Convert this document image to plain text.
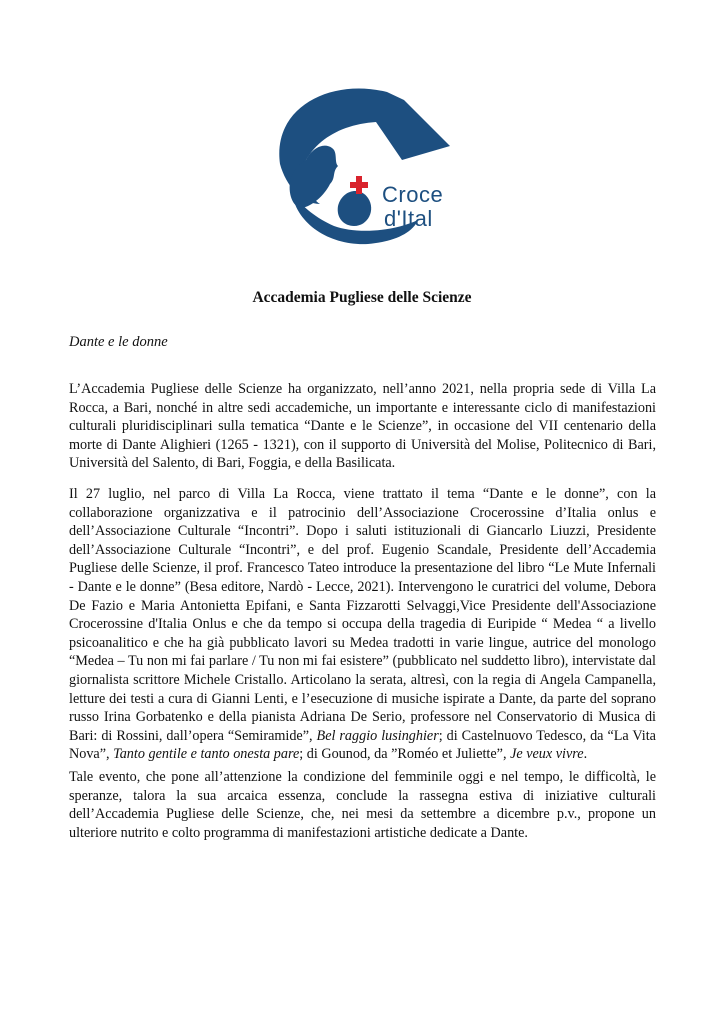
Croce
d'Ital
Accademia Pugliese delle Scienze
Dante e le donne
L’Accademia Pugliese delle Scienze ha organizzato, nell’anno 2021, nella propria sede di Villa La Rocca, a Bari, nonché in altre sedi accademiche, un importante e interessante ciclo di manifestazioni culturali pluridisciplinari sulla tematica “Dante e le Scienze”, in occasione del VII centenario della morte di Dante Alighieri (1265 - 1321), con il supporto di Università del Molise, Politecnico di Bari, Università del Salento, di Bari, Foggia, e della Basilicata.
Il 27 luglio, nel parco di Villa La Rocca, viene trattato il tema “Dante e le donne”, con la collaborazione organizzativa e il patrocinio dell’Associazione Crocerossine d’Italia onlus e dell’Associazione Culturale “Incontri”. Dopo i saluti istituzionali di Giancarlo Liuzzi, Presidente dell’Associazione Culturale “Incontri”, e del prof. Eugenio Scandale, Presidente dell’Accademia Pugliese delle Scienze, il prof. Francesco Tateo introduce la presentazione del libro “Le Mute Infernali - Dante e le donne” (Besa editore, Nardò - Lecce, 2021). Intervengono le curatrici del volume, Debora De Fazio e Maria Antonietta Epifani, e Santa Fizzarotti Selvaggi,Vice Presidente dell'Associazione Crocerossine d'Italia Onlus e che da tempo si occupa della tragedia di Euripide “ Medea “ a livello psicoanalitico e che ha già pubblicato lavori su Medea tradotti in varie lingue, autrice del monologo “Medea – Tu non mi fai parlare / Tu non mi fai esistere” (pubblicato nel suddetto libro), intervistate dal giornalista scrittore Michele Cristallo. Articolano la serata, altresì, con la regia di Angela Campanella, letture dei testi a cura di Gianni Lenti, e l’esecuzione di musiche ispirate a Dante, da parte del soprano russo Irina Gorbatenko e della pianista Adriana De Serio, professore nel Conservatorio di Musica di Bari: di Rossini, dall’opera “Semiramide”, Bel raggio lusinghier; di Castelnuovo Tedesco, da “La Vita Nova”, Tanto gentile e tanto onesta pare; di Gounod, da ”Roméo et Juliette”, Je veux vivre.
Tale evento, che pone all’attenzione la condizione del femminile oggi e nel tempo, le difficoltà, le speranze, talora la sua arcaica essenza, conclude la rassegna estiva di iniziative culturali dell’Accademia Pugliese delle Scienze, che, nei mesi da settembre a dicembre p.v., propone un ulteriore nutrito e colto programma di manifestazioni artistiche dedicate a Dante.
